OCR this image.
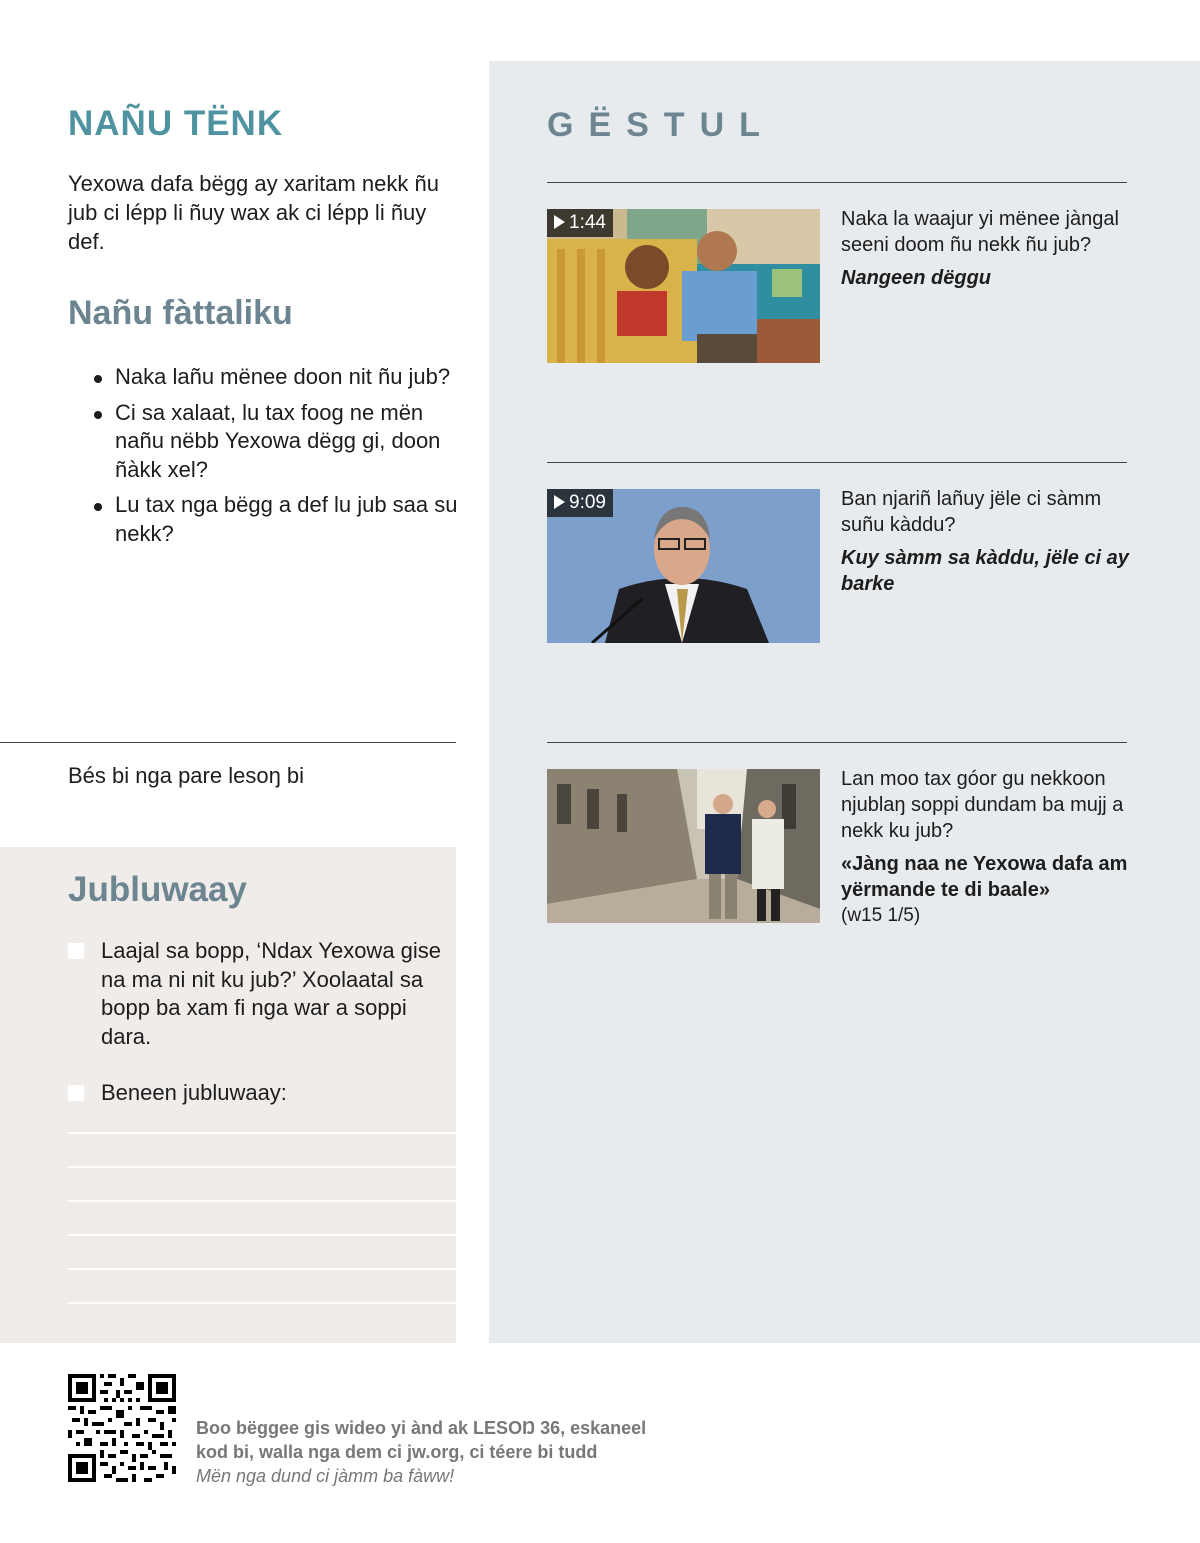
NAÑU TËNK

Yexowa dafa bëgg ay xaritam nekk ñu jub ci lépp li ñuy wax ak ci lépp li ñuy def.

Nañu fàttaliku
Naka lañu mënee doon nit ñu jub?
Ci sa xalaat, lu tax foog ne mën nañu nëbb Yexowa dëgg gi, doon ñàkk xel?
Lu tax nga bëgg a def lu jub saa su nekk?

Bés bi nga pare lesoŋ bi

Jubluwaay
Laajal sa bopp, ‘Ndax Yexowa gise na ma ni nit ku jub?’ Xoolaatal sa bopp ba xam fi nga war a soppi dara.
Beneen jubluwaay:
GËSTUL
1:44	Naka la waajur yi mënee jàngal seeni doom ñu nekk ñu jub?

Nangeen dëggu

9:09	Ban njariñ lañuy jële ci sàmm suñu kàddu?

Kuy sàmm sa kàddu, jële ci ay barke

Lan moo tax góor gu nekkoon njublaŋ soppi dundam ba mujj a nekk ku jub?

«Jàng naa ne Yexowa dafa am yërmande te di baale»

(w15 1/5)

Boo bëggee gis wideo yi ànd ak LESOŊ 36, eskaneel
kod bi, walla nga dem ci jw.org, ci téere bi tudd
Mën nga dund ci jàmm ba fàww!
